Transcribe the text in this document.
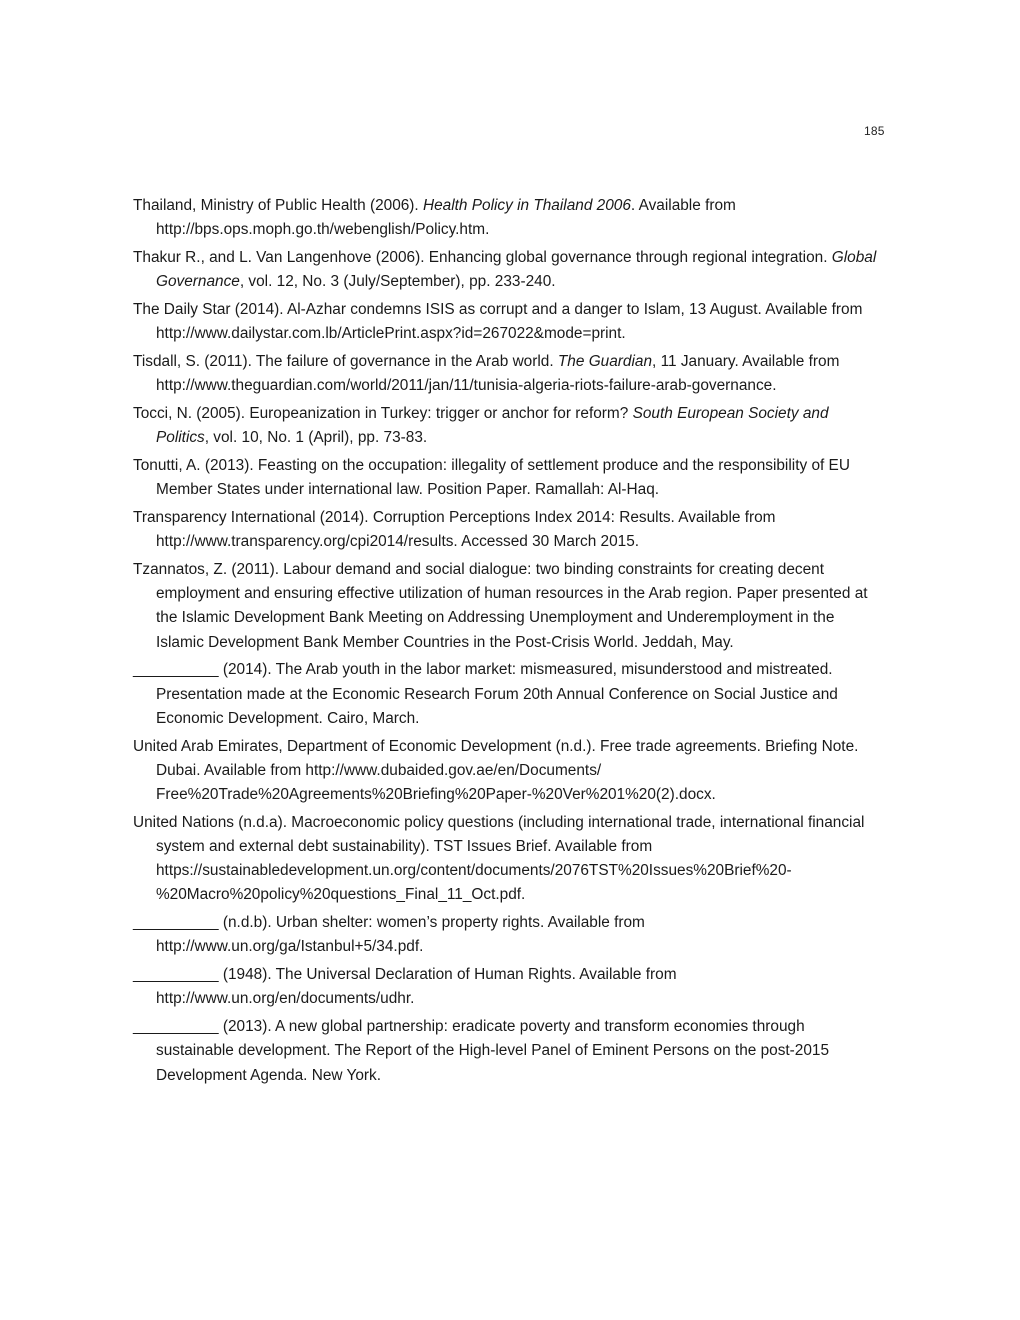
185
Thailand, Ministry of Public Health (2006). Health Policy in Thailand 2006. Available from http://bps.ops.moph.go.th/webenglish/Policy.htm.
Thakur R., and L. Van Langenhove (2006). Enhancing global governance through regional integration. Global Governance, vol. 12, No. 3 (July/September), pp. 233-240.
The Daily Star (2014). Al-Azhar condemns ISIS as corrupt and a danger to Islam, 13 August. Available from http://www.dailystar.com.lb/ArticlePrint.aspx?id=267022&mode=print.
Tisdall, S. (2011). The failure of governance in the Arab world. The Guardian, 11 January. Available from http://www.theguardian.com/world/2011/jan/11/tunisia-algeria-riots-failure-arab-governance.
Tocci, N. (2005). Europeanization in Turkey: trigger or anchor for reform? South European Society and Politics, vol. 10, No. 1 (April), pp. 73-83.
Tonutti, A. (2013). Feasting on the occupation: illegality of settlement produce and the responsibility of EU Member States under international law. Position Paper. Ramallah: Al-Haq.
Transparency International (2014). Corruption Perceptions Index 2014: Results. Available from http://www.transparency.org/cpi2014/results. Accessed 30 March 2015.
Tzannatos, Z. (2011). Labour demand and social dialogue: two binding constraints for creating decent employment and ensuring effective utilization of human resources in the Arab region. Paper presented at the Islamic Development Bank Meeting on Addressing Unemployment and Underemployment in the Islamic Development Bank Member Countries in the Post-Crisis World. Jeddah, May.
__________ (2014). The Arab youth in the labor market: mismeasured, misunderstood and mistreated. Presentation made at the Economic Research Forum 20th Annual Conference on Social Justice and Economic Development. Cairo, March.
United Arab Emirates, Department of Economic Development (n.d.). Free trade agreements. Briefing Note. Dubai. Available from http://www.dubaided.gov.ae/en/Documents/ Free%20Trade%20Agreements%20Briefing%20Paper-%20Ver%201%20(2).docx.
United Nations (n.d.a). Macroeconomic policy questions (including international trade, international financial system and external debt sustainability). TST Issues Brief. Available from https://sustainabledevelopment.un.org/content/documents/2076TST%20Issues%20Brief%20-%20Macro%20policy%20questions_Final_11_Oct.pdf.
__________ (n.d.b). Urban shelter: women’s property rights. Available from http://www.un.org/ga/Istanbul+5/34.pdf.
__________ (1948). The Universal Declaration of Human Rights. Available from http://www.un.org/en/documents/udhr.
__________ (2013). A new global partnership: eradicate poverty and transform economies through sustainable development. The Report of the High-level Panel of Eminent Persons on the post-2015 Development Agenda. New York.
